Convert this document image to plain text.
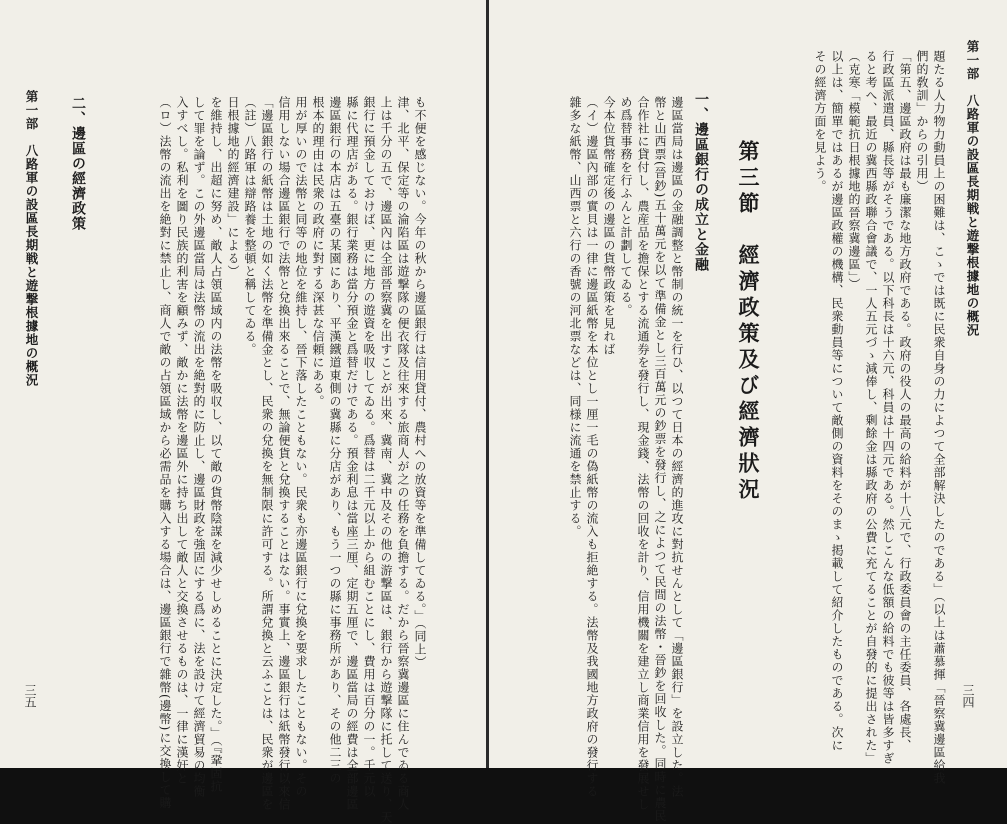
第一部　八路軍の設區長期戦と遊撃根據地の概況 二、邊區の經濟政策	も不便を感じない。今年の秋から邊區銀行は信用貸付、農村への放資等を準備してゐる。」（同上）
津、北平、保定等の淪陷區は遊撃隊の便衣隊及往來する旅商人が之の任務を負擔する。だから晉察冀邊區に住んでゐる商人
上は千分の五で、邊區內は全部晉察冀を出すことが出來、冀南、冀中及その他の游撃區は、銀行から遊撃隊に托して送り、天
銀行に預金しておけば、更に地方の遊資を吸収してゐる。爲替は二千元以上から組むことにし、費用は百分の一。千元以
縣に代理店がある。銀行業務は當分預金と爲替だけである。預金利息は當座三厘、定期五厘で、邊區當局の經費は全部邊區
邊區銀行の本店は五臺の某園にあり、平漢鐵道東側の冀縣に分店があり、もう一つの縣に事務所があり、その他二三の
根本的理由は民衆の政府に對する深甚な信頼にある。
用が厚いので法幣と同等の地位を維持し、晉下落したこともない。民衆も亦邊區銀行に兌換を要求したこともない。その
信用しない場合邊區銀行で法幣と兌換出來ることで、無論便貨と兌換することはない。事實上、邊區銀行は紙幣發行以來信
「邊區銀行の紙幣は土地の如く法幣を準備金とし、民衆の兌換を無制限に許可する。所謂兌換と云ふことは、民衆が邊區を
（註）八路軍は辯路養を整頓と稱してゐる。
日根據地的經濟建設」による）
を維持し、出超に努め、敵人占領區域内の法幣を吸収し、以て敵の貨幣陰謀を減少せしめることに決定した。」（『鞏固抗
して罪を論ず。この外邊區當局は法幣の流出を絶對的に防止し、邊區財政を強固にする爲に、法を設けて經濟貿易の均衡
入すべし。私利を圖り民族的利害を顧みず、敵かに法幣を邊區外に持ち出して敵人と交換させるものは、一律に漢奸と
（ロ）法幣の流出を絶對に禁止し、商人で敵の占領區域から必需品を購入する場合は、邊區銀行で雜幣(邊幣)に交換して購
三五
第一部　八路軍の設區長期戦と遊撃根據地の概況
三四
題たる人力物力動員上の困難は、こゝでは既に民衆自身の力によつて全部解決したのである」（以上は蕭慕揮「晉察冀邊區給我
們的敎訓」からの引用）
「第五、邊區政府は最も廉潔な地方政府である。政府の役人の最高の給料が十八元で、行政委員會の主任委員、各處長、
行政區派遣員、縣長等がそうである。以下科長は十六元、科員は十四元である。然しこんな低額の給料でも彼等は皆多すぎ
ると考へ、最近の冀西縣政聯合會議で、一人五元づゝ減俸し、剰餘金は縣政府の公費に充てることが自發的に提出された」
（克寒「模範抗日根據地的晉察冀邊區」）
以上は、簡單ではあるが邊區政權の機構、民衆動員等について敵側の資料をそのまゝ掲載して紹介したものである。次に
その經濟方面を見よう。
第三節　經濟政策及び經濟狀況
一、邊區銀行の成立と金融
邊區當局は邊區の金融調整と幣制の統一を行ひ、以つて日本の經濟的進攻に對抗せんとして「邊區銀行」を設立した。法
幣と山西票(晉鈔)五十萬元を以て準備金とし三百萬元の鈔票を發行し、之によつて民間の法幣・晉鈔を回收した。同時に農民
合作社に貸付し、農産品を擔保とする流通券を發行し、現金錢、法幣の回收を計り、信用機關を建立し商業信用を發展せし
め爲替事務を行ふんと計劃してゐる。
今本位貨幣確定後の邊區の貨幣政策を見れば
（イ）邊區內部の實貝は一律に邊區紙幣を本位とし一厘一毛の偽紙幣の流入も拒絶する。法幣及我國地方政府の發行する
雜多な紙幣、山西票と六行の香號の河北票などは、同様に流通を禁止する。
